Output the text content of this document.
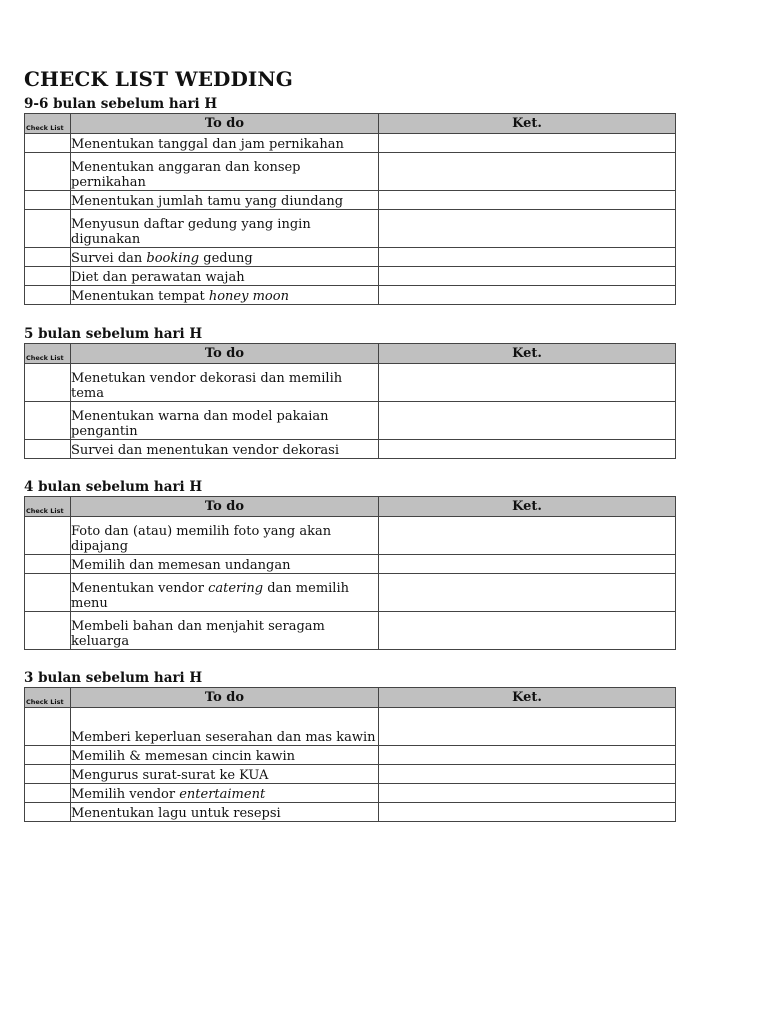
CHECK LIST WEDDING
9-6 bulan sebelum hari H
Check List	To do	Ket.
	Menentukan tanggal dan jam pernikahan	
	Menentukan anggaran dan konsep pernikahan	
	Menentukan jumlah tamu yang diundang	
	Menyusun daftar gedung yang ingin digunakan	
	Survei dan booking gedung	
	Diet dan perawatan wajah	
	Menentukan tempat honey moon	
5 bulan sebelum hari H
Check List	To do	Ket.
	Menetukan vendor dekorasi dan memilih tema	
	Menentukan warna dan model pakaian pengantin	
	Survei dan menentukan vendor dekorasi	
4 bulan sebelum hari H
Check List	To do	Ket.
	Foto dan (atau) memilih foto yang akan dipajang	
	Memilih dan memesan undangan	
	Menentukan vendor catering dan memilih menu	
	Membeli bahan dan menjahit seragam keluarga	
3 bulan sebelum hari H
Check List	To do	Ket.
	Memberi keperluan seserahan dan mas kawin	
	Memilih & memesan cincin kawin	
	Mengurus surat-surat ke KUA	
	Memilih vendor entertaiment	
	Menentukan lagu untuk resepsi	
